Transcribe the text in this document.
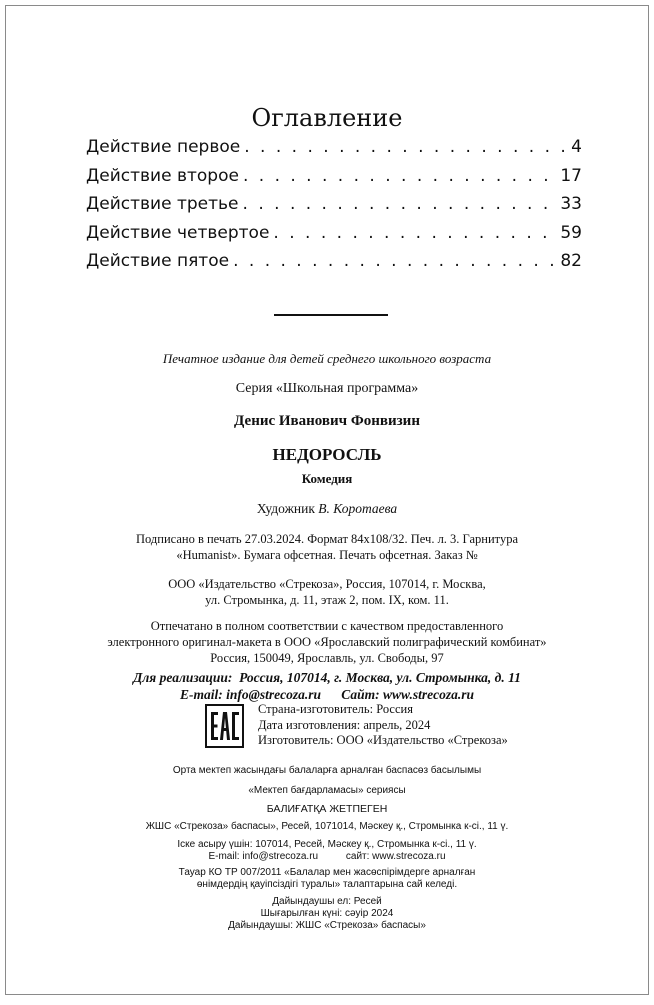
Оглавление
Действие первое . . .	4
Действие второе . . .	17
Действие третье . . .	33
Действие четвертое . . .	59
Действие пятое . . .	82
Печатное издание для детей среднего школьного возраста
Серия «Школьная программа»
Денис Иванович Фонвизин
НЕДОРОСЛЬ
Комедия
Художник В. Коротаева
Подписано в печать 27.03.2024. Формат 84x108/32. Печ. л. 3. Гарнитура
«Humanist». Бумага офсетная. Печать офсетная. Заказ №
ООО «Издательство «Стрекоза», Россия, 107014, г. Москва,
ул. Стромынка, д. 11, этаж 2, пом. IX, ком. 11.
Отпечатано в полном соответствии с качеством предоставленного
электронного оригинал-макета в ООО «Ярославский полиграфический комбинат»
Россия, 150049, Ярославль, ул. Свободы, 97
Для реализации:  Россия, 107014, г. Москва, ул. Стромынка, д. 11
E-mail: info@strecoza.ru      Сайт: www.strecoza.ru
Страна-изготовитель: Россия
Дата изготовления: апрель, 2024
Изготовитель: ООО «Издательство «Стрекоза»
Орта мектеп жасындағы балаларға арналған баспасөз басылымы
«Мектеп бағдарламасы» сериясы
БАЛИҒАТҚА ЖЕТПЕГЕН
ЖШС «Стрекоза» баспасы», Ресей, 1071014, Мәскеу қ., Стромынка к-сі., 11 ү.
Іске асыру үшін: 107014, Ресей, Мәскеу қ., Стромынка к-сі., 11 ү.
E-mail: info@strecoza.ru          сайт: www.strecoza.ru
Тауар КО ТР 007/2011 «Балалар мен жасөспірімдерге арналған
өнімдердің қауіпсіздігі туралы» талаптарына сай келеді.
Дайындаушы ел: Ресей
Шығарылған күні: сәуір 2024
Дайындаушы: ЖШС «Стрекоза» баспасы»
